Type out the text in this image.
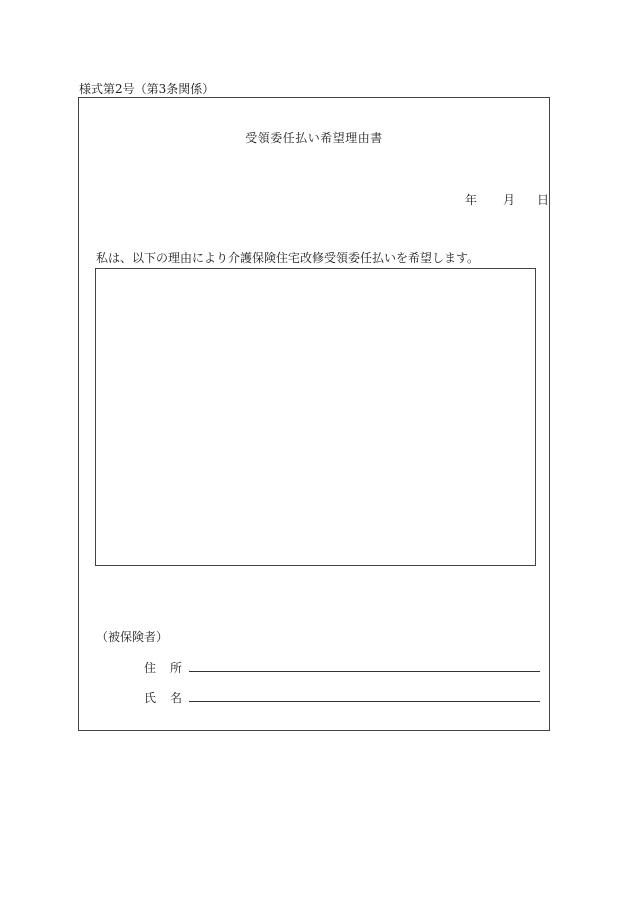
様式第2号（第3条関係）
受領委任払い希望理由書
年 月 日
私は、以下の理由により介護保険住宅改修受領委任払いを希望します。
（被保険者）
住 所
氏 名
